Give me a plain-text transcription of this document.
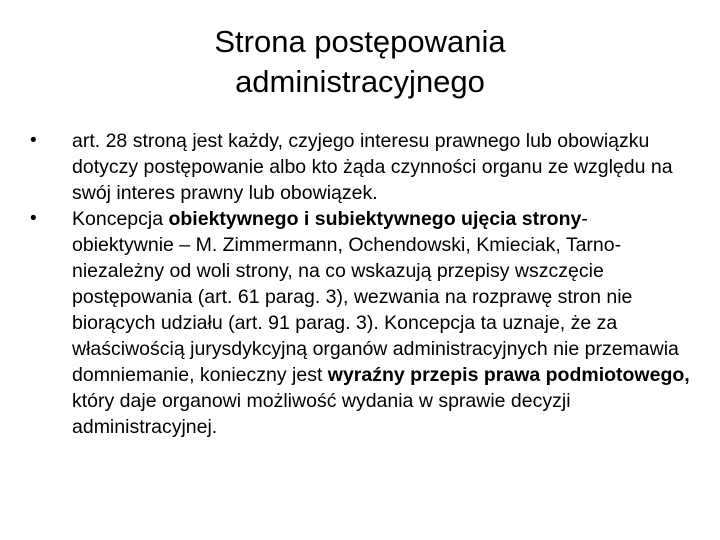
Strona postępowania
administracyjnego
• art. 28 stroną jest każdy, czyjego interesu prawnego lub obowiązku dotyczy postępowanie albo kto żąda czynności organu ze względu na swój interes prawny lub obowiązek.

• Koncepcja obiektywnego i subiektywnego ujęcia strony- obiektywnie – M. Zimmermann, Ochendowski, Kmieciak, Tarno- niezależny od woli strony, na co wskazują przepisy wszczęcie postępowania (art. 61 parag. 3), wezwania na rozprawę stron nie biorących udziału (art. 91 parag. 3). Koncepcja ta uznaje, że za właściwością jurysdykcyjną organów administracyjnych nie przemawia domniemanie, konieczny jest wyraźny przepis prawa podmiotowego, który daje organowi możliwość wydania w sprawie decyzji administracyjnej.
